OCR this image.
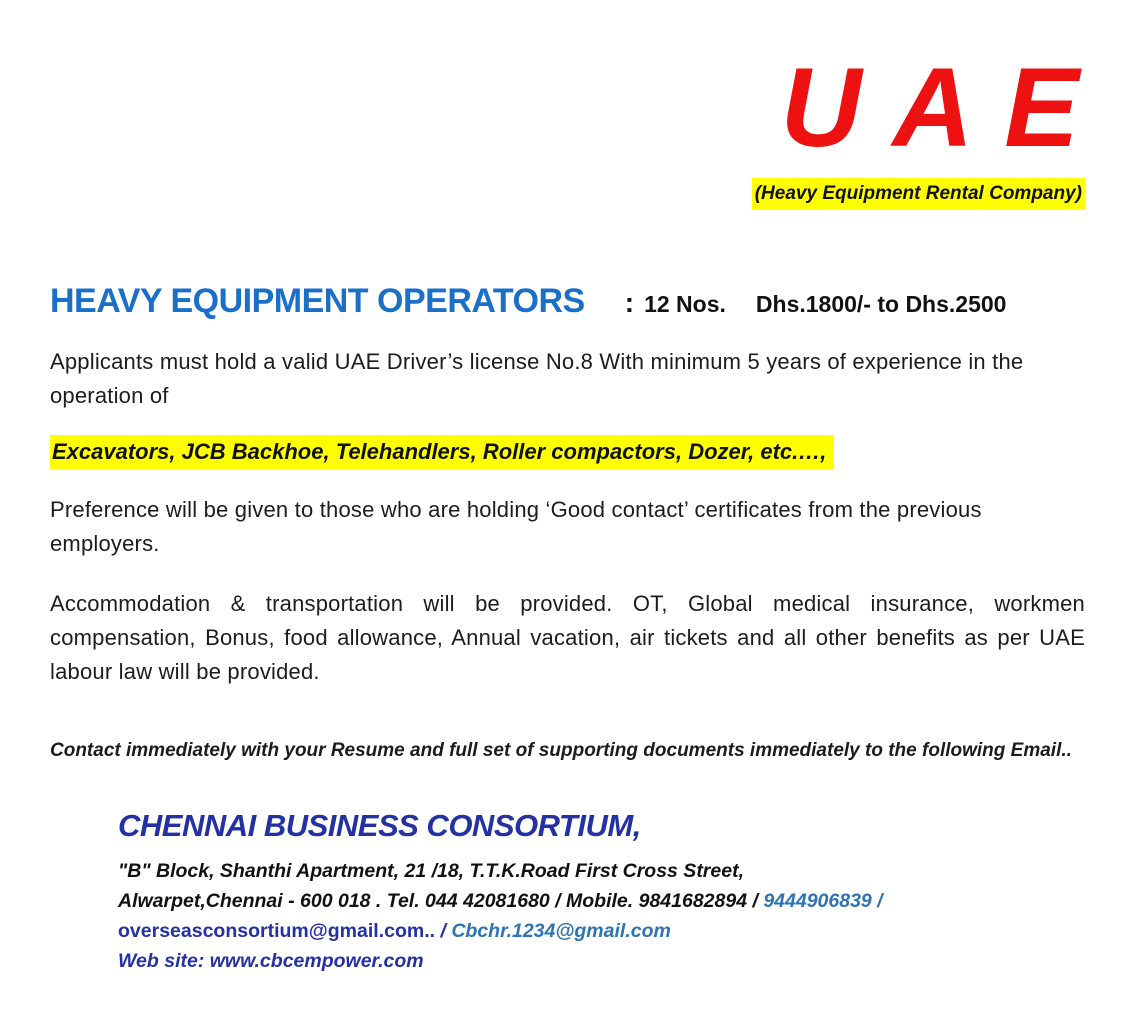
U A E
(Heavy Equipment Rental Company)
HEAVY EQUIPMENT OPERATORS : 12 Nos. Dhs.1800/- to Dhs.2500

Applicants must hold a valid UAE Driver’s license No.8 With minimum 5 years of experience in the operation of

Excavators, JCB Backhoe, Telehandlers, Roller compactors, Dozer, etc.…,

Preference will be given to those who are holding ‘Good contact’ certificates from the previous employers.

Accommodation & transportation will be provided. OT, Global medical insurance, workmen compensation, Bonus, food allowance, Annual vacation, air tickets and all other benefits as per UAE labour law will be provided.

Contact immediately with your Resume and full set of supporting documents immediately to the following Email..

CHENNAI BUSINESS CONSORTIUM,
"B" Block, Shanthi Apartment, 21 /18, T.T.K.Road First Cross Street,
Alwarpet,Chennai - 600 018 . Tel. 044 42081680 / Mobile. 9841682894 / 9444906839 /
overseasconsortium@gmail.com.. / Cbchr.1234@gmail.com
Web site: www.cbcempower.com
